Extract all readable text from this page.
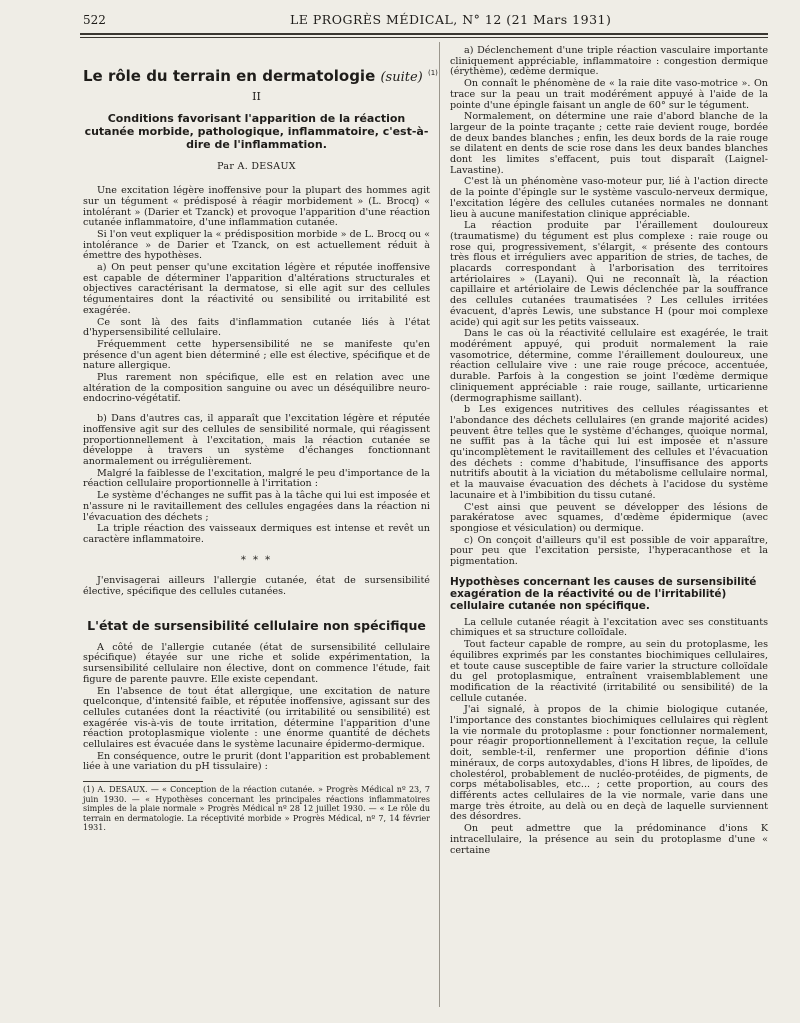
522	LE PROGRÈS MÉDICAL, N° 12 (21 Mars 1931)
Le rôle du terrain en dermatologie (suite) $^{(1)}$
II
Conditions favorisant l'apparition de la réaction cutanée morbide, pathologique, inflammatoire, c'est-à-dire de l'inflammation.
Par A. DESAUX

Une excitation légère inoffensive pour la plupart des hommes agit sur un tégument « prédisposé à réagir morbidement » (L. Brocq) « intolérant » (Darier et Tzanck) et provoque l'apparition d'une réaction cutanée inflammatoire, d'une inflammation cutanée.

Si l'on veut expliquer la « prédisposition morbide » de L. Brocq ou « intolérance » de Darier et Tzanck, on est actuellement réduit à émettre des hypothèses.

a) On peut penser qu'une excitation légère et réputée inoffensive est capable de déterminer l'apparition d'altérations structurales et objectives caractérisant la dermatose, si elle agit sur des cellules tégumentaires dont la réactivité ou sensibilité ou irritabilité est exagérée.

Ce sont là des faits d'inflammation cutanée liés à l'état d'hypersensibilité cellulaire.

Fréquemment cette hypersensibilité ne se manifeste qu'en présence d'un agent bien déterminé ; elle est élective, spécifique et de nature allergique.

Plus rarement non spécifique, elle est en relation avec une altération de la composition sanguine ou avec un déséquilibre neuro-endocrino-végétatif.

b) Dans d'autres cas, il apparaît que l'excitation légère et réputée inoffensive agit sur des cellules de sensibilité normale, qui réagissent proportionnellement à l'excitation, mais la réaction cutanée se développe à travers un système d'échanges fonctionnant anormalement ou irrégulièrement.

Malgré la faiblesse de l'excitation, malgré le peu d'importance de la réaction cellulaire proportionnelle à l'irritation :

Le système d'échanges ne suffit pas à la tâche qui lui est imposée et n'assure ni le ravitaillement des cellules engagées dans la réaction ni l'évacuation des déchets ;

La triple réaction des vaisseaux dermiques est intense et revêt un caractère inflammatoire.

* * *

J'envisagerai ailleurs l'allergie cutanée, état de sursensibilité élective, spécifique des cellules cutanées.

L'état de sursensibilité cellulaire non spécifique

A côté de l'allergie cutanée (état de sursensibilité cellulaire spécifique) étayée sur une riche et solide expérimentation, la sursensibilité cellulaire non élective, dont on commence l'étude, fait figure de parente pauvre. Elle existe cependant.

En l'absence de tout état allergique, une excitation de nature quelconque, d'intensité faible, et réputée inoffensive, agissant sur des cellules cutanées dont la réactivité (ou irritabilité ou sensibilité) est exagérée vis-à-vis de toute irritation, détermine l'apparition d'une réaction protoplasmique violente : une énorme quantité de déchets cellulaires est évacuée dans le système lacunaire épidermo-dermique.

En conséquence, outre le prurit (dont l'apparition est probablement liée à une variation du pH tissulaire) :

(1) A. DESAUX. — « Conception de la réaction cutanée. » Progrès Médical nº 23, 7 juin 1930. — « Hypothèses concernant les principales réactions inflammatoires simples de la plaie normale » Progrès Médical nº 28 12 juillet 1930. — « Le rôle du terrain en dermatologie. La réceptivité morbide » Progrès Médical, nº 7, 14 février 1931.

a) Déclenchement d'une triple réaction vasculaire importante cliniquement appréciable, inflammatoire : congestion dermique (érythème), œdème dermique.

On connaît le phénomène de « la raie dite vaso-motrice ». On trace sur la peau un trait modérément appuyé à l'aide de la pointe d'une épingle faisant un angle de 60° sur le tégument.

Normalement, on détermine une raie d'abord blanche de la largeur de la pointe traçante ; cette raie devient rouge, bordée de deux bandes blanches ; enfin, les deux bords de la raie rouge se dilatent en dents de scie rose dans les deux bandes blanches dont les limites s'effacent, puis tout disparaît (Laignel-Lavastine).

C'est là un phénomène vaso-moteur pur, lié à l'action directe de la pointe d'épingle sur le système vasculo-nerveux dermique, l'excitation légère des cellules cutanées normales ne donnant lieu à aucune manifestation clinique appréciable.

La réaction produite par l'éraillement douloureux (traumatisme) du tégument est plus complexe : raie rouge ou rose qui, progressivement, s'élargit, « présente des contours très flous et irréguliers avec apparition de stries, de taches, de placards correspondant à l'arborisation des territoires artériolaires » (Layani). Qui ne reconnaît là, la réaction capillaire et artériolaire de Lewis déclenchée par la souffrance des cellules cutanées traumatisées ? Les cellules irritées évacuent, d'après Lewis, une substance H (pour moi complexe acide) qui agit sur les petits vaisseaux.

Dans le cas où la réactivité cellulaire est exagérée, le trait modérément appuyé, qui produit normalement la raie vasomotrice, détermine, comme l'éraillement douloureux, une réaction cellulaire vive : une raie rouge précoce, accentuée, durable. Parfois à la congestion se joint l'œdème dermique cliniquement appréciable : raie rouge, saillante, urticarienne (dermographisme saillant).

b Les exigences nutritives des cellules réagissantes et l'abondance des déchets cellulaires (en grande majorité acides) peuvent être telles que le système d'échanges, quoique normal, ne suffit pas à la tâche qui lui est imposée et n'assure qu'incomplètement le ravitaillement des cellules et l'évacuation des déchets : comme d'habitude, l'insuffisance des apports nutritifs aboutit à la viciation du métabolisme cellulaire normal, et la mauvaise évacuation des déchets à l'acidose du système lacunaire et à l'imbibition du tissu cutané.

C'est ainsi que peuvent se développer des lésions de parakératose avec squames, d'œdème épidermique (avec spongiose et vésiculation) ou dermique.

c) On conçoit d'ailleurs qu'il est possible de voir apparaître, pour peu que l'excitation persiste, l'hyperacanthose et la pigmentation.

Hypothèses concernant les causes de sursensibilité exagération de la réactivité ou de l'irritabilité) cellulaire cutanée non spécifique.

La cellule cutanée réagit à l'excitation avec ses constituants chimiques et sa structure colloïdale.

Tout facteur capable de rompre, au sein du protoplasme, les équilibres exprimés par les constantes biochimiques cellulaires, et toute cause susceptible de faire varier la structure colloïdale du gel protoplasmique, entraînent vraisemblablement une modification de la réactivité (irritabilité ou sensibilité) de la cellule cutanée.

J'ai signalé, à propos de la chimie biologique cutanée, l'importance des constantes biochimiques cellulaires qui règlent la vie normale du protoplasme : pour fonctionner normalement, pour réagir proportionnellement à l'excitation reçue, la cellule doit, semble-t-il, renfermer une proportion définie d'ions minéraux, de corps autoxydables, d'ions H libres, de lipoïdes, de cholestérol, probablement de nucléo-protéides, de pigments, de corps métabolisables, etc... ; cette proportion, au cours des différents actes cellulaires de la vie normale, varie dans une marge très étroite, au delà ou en deçà de laquelle surviennent des désordres.

On peut admettre que la prédominance d'ions K intracellulaire, la présence au sein du protoplasme d'une « certaine
